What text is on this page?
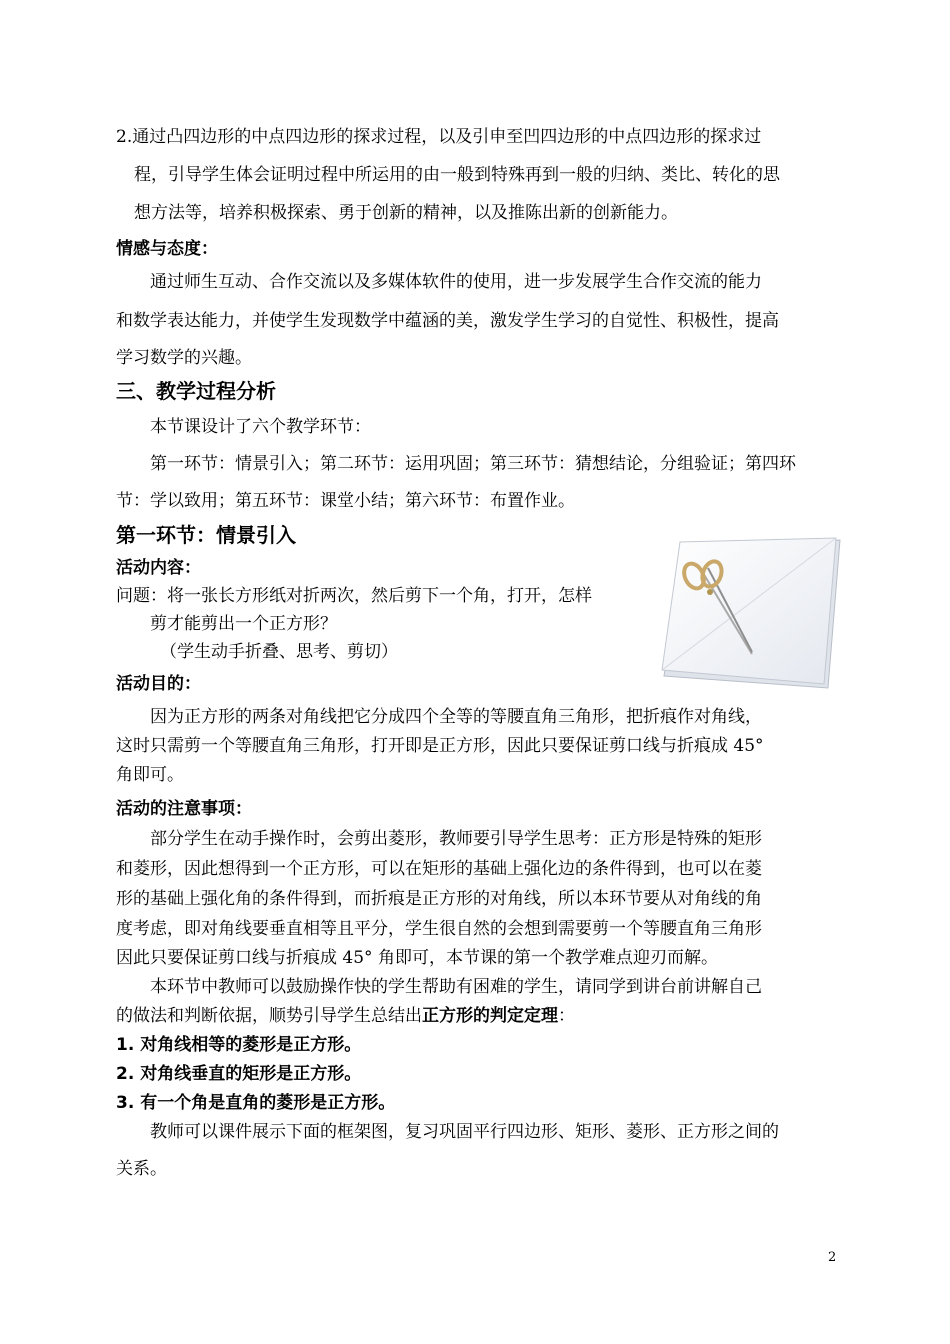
2.通过凸四边形的中点四边形的探求过程，以及引申至凹四边形的中点四边形的探求过
程，引导学生体会证明过程中所运用的由一般到特殊再到一般的归纳、类比、转化的思
想方法等，培养积极探索、勇于创新的精神，以及推陈出新的创新能力。
情感与态度：
通过师生互动、合作交流以及多媒体软件的使用，进一步发展学生合作交流的能力
和数学表达能力，并使学生发现数学中蕴涵的美，激发学生学习的自觉性、积极性，提高
学习数学的兴趣。
三、教学过程分析
本节课设计了六个教学环节：
第一环节：情景引入；第二环节：运用巩固；第三环节：猜想结论，分组验证；第四环
节：学以致用；第五环节：课堂小结；第六环节：布置作业。
第一环节：情景引入
活动内容：
问题：将一张长方形纸对折两次，然后剪下一个角，打开，怎样
剪才能剪出一个正方形？
（学生动手折叠、思考、剪切）
活动目的：
因为正方形的两条对角线把它分成四个全等的等腰直角三角形，把折痕作对角线，
这时只需剪一个等腰直角三角形，打开即是正方形，因此只要保证剪口线与折痕成 45°
角即可。
活动的注意事项：
部分学生在动手操作时，会剪出菱形，教师要引导学生思考：正方形是特殊的矩形
和菱形，因此想得到一个正方形，可以在矩形的基础上强化边的条件得到，也可以在菱
形的基础上强化角的条件得到，而折痕是正方形的对角线，所以本环节要从对角线的角
度考虑，即对角线要垂直相等且平分，学生很自然的会想到需要剪一个等腰直角三角形
因此只要保证剪口线与折痕成 45° 角即可，本节课的第一个教学难点迎刃而解。
本环节中教师可以鼓励操作快的学生帮助有困难的学生，请同学到讲台前讲解自己
的做法和判断依据，顺势引导学生总结出正方形的判定定理：
1. 对角线相等的菱形是正方形。
2. 对角线垂直的矩形是正方形。
3. 有一个角是直角的菱形是正方形。
教师可以课件展示下面的框架图，复习巩固平行四边形、矩形、菱形、正方形之间的
关系。
2
